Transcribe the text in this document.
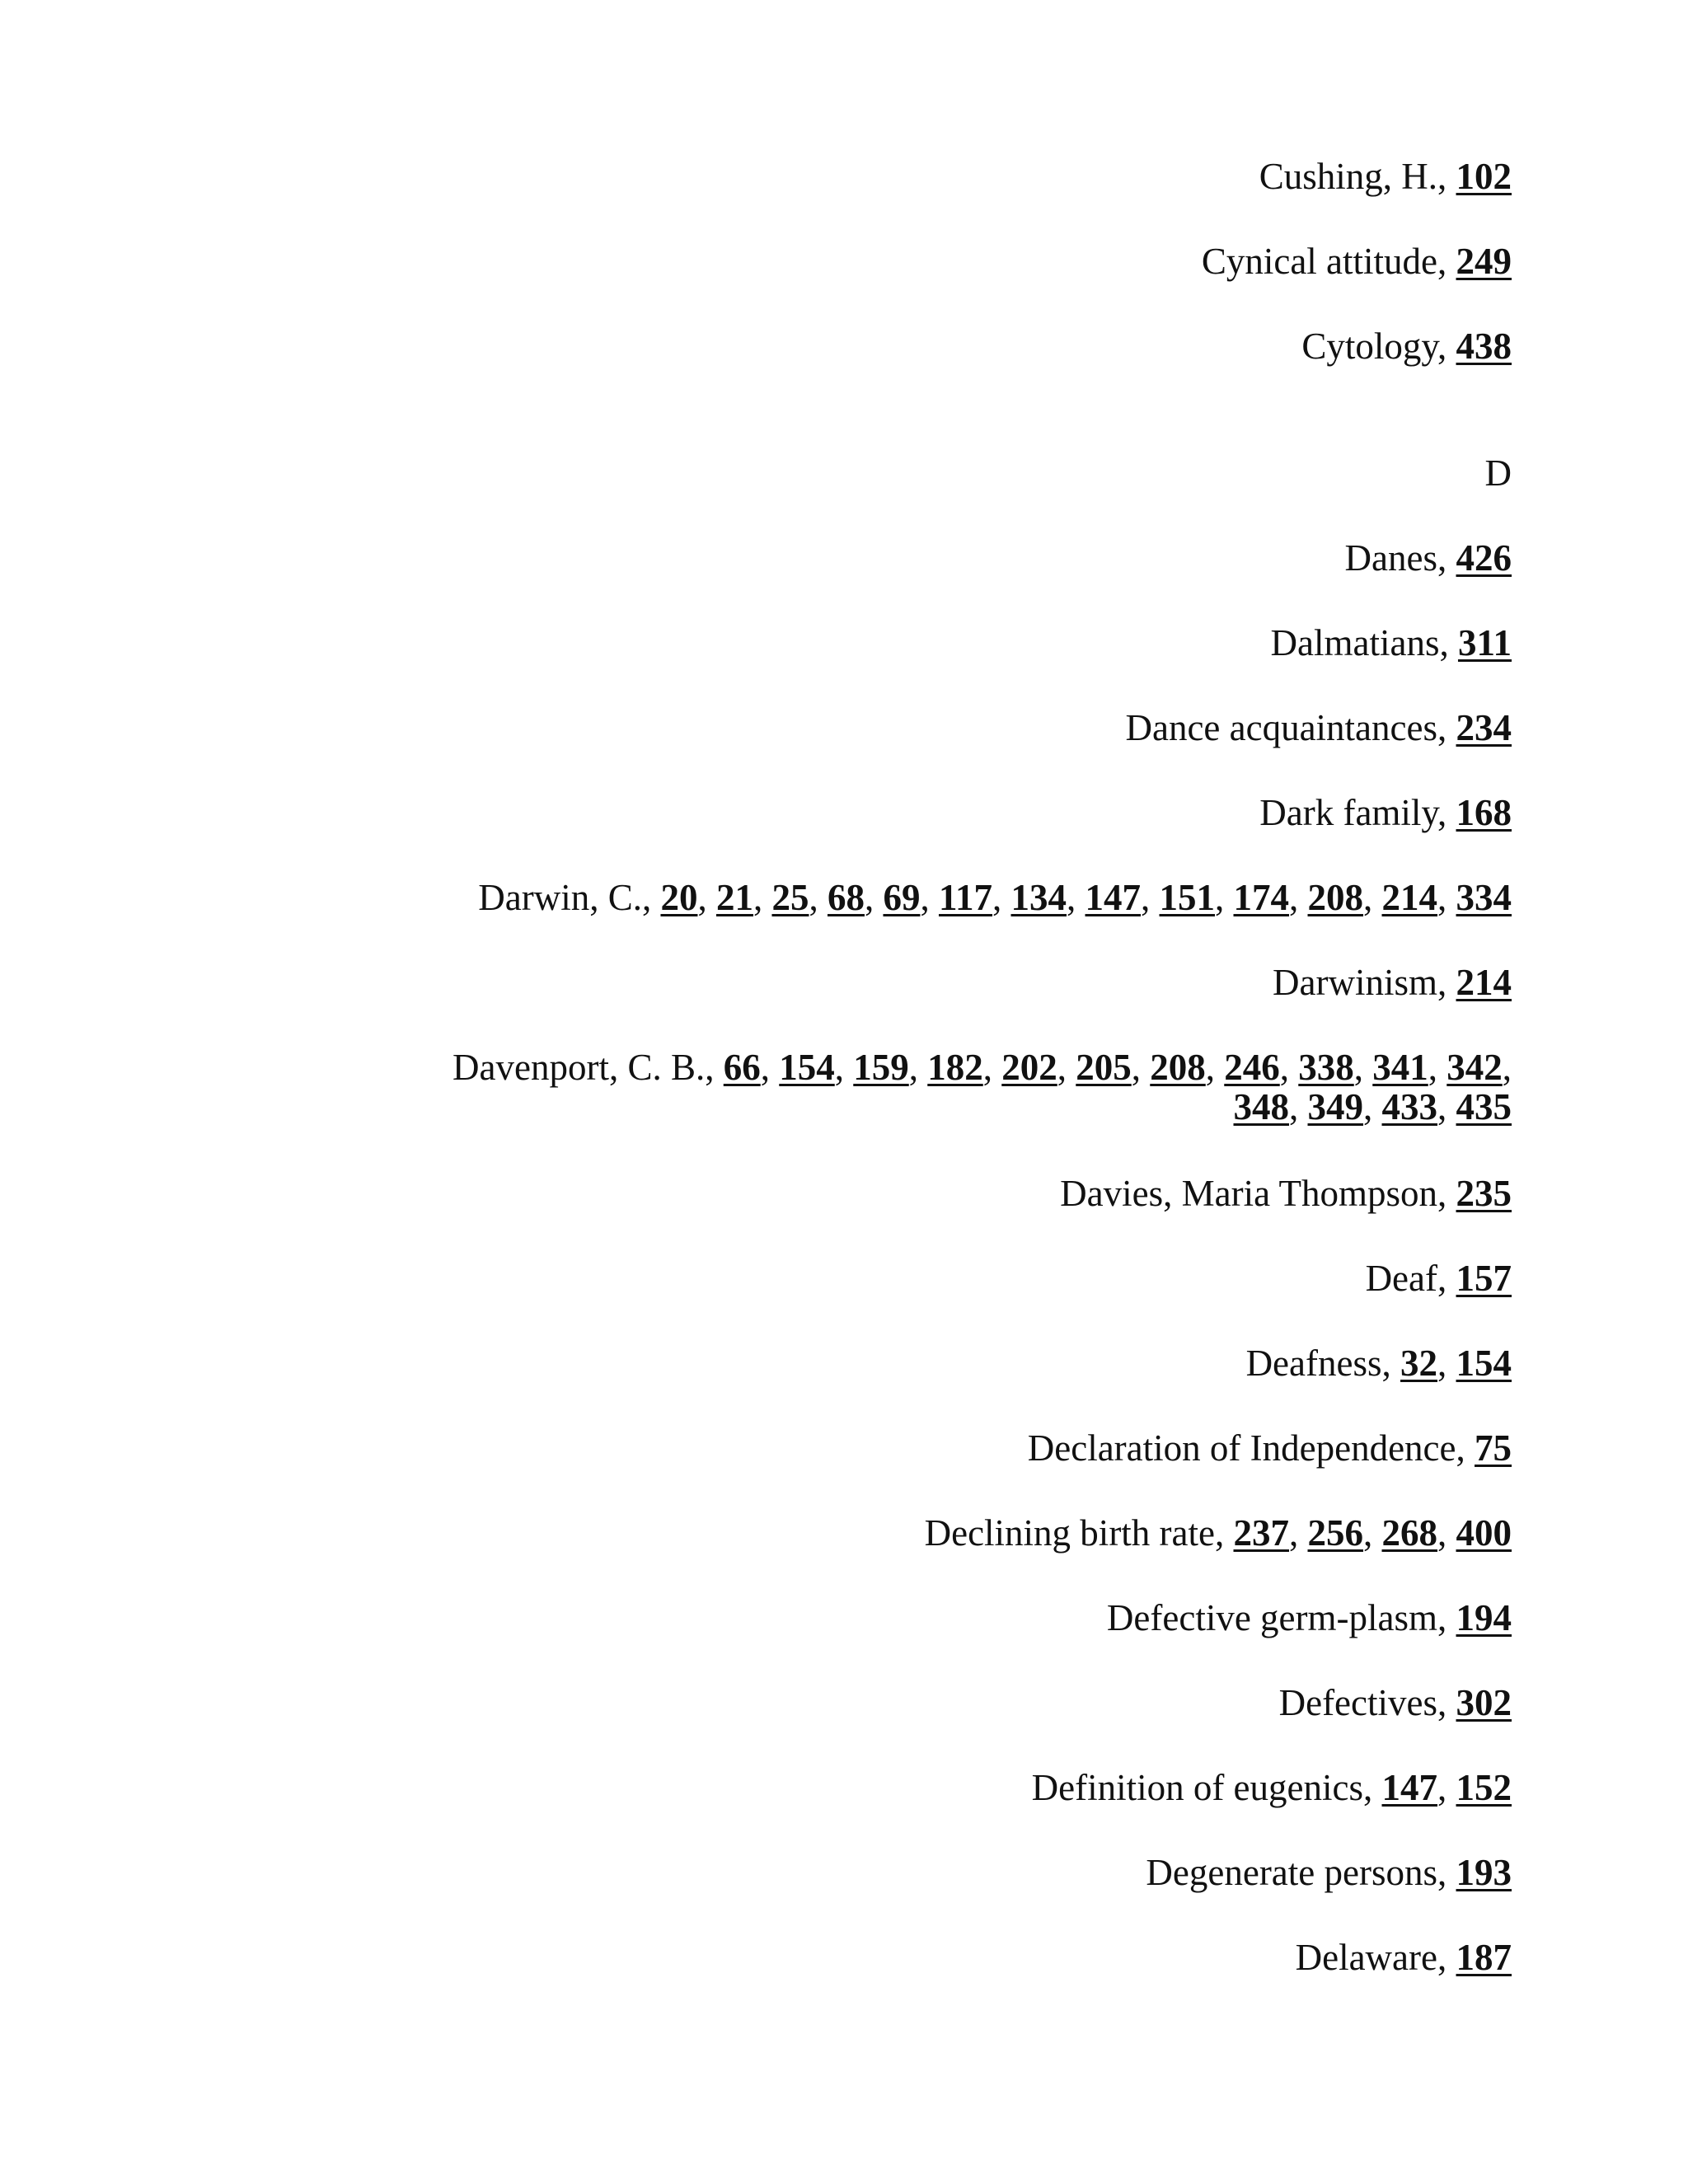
Cushing, H., 102
Cynical attitude, 249
Cytology, 438
D
Danes, 426
Dalmatians, 311
Dance acquaintances, 234
Dark family, 168
Darwin, C., 20, 21, 25, 68, 69, 117, 134, 147, 151, 174, 208, 214, 334
Darwinism, 214
Davenport, C. B., 66, 154, 159, 182, 202, 205, 208, 246, 338, 341, 342,
348, 349, 433, 435
Davies, Maria Thompson, 235
Deaf, 157
Deafness, 32, 154
Declaration of Independence, 75
Declining birth rate, 237, 256, 268, 400
Defective germ-plasm, 194
Defectives, 302
Definition of eugenics, 147, 152
Degenerate persons, 193
Delaware, 187
